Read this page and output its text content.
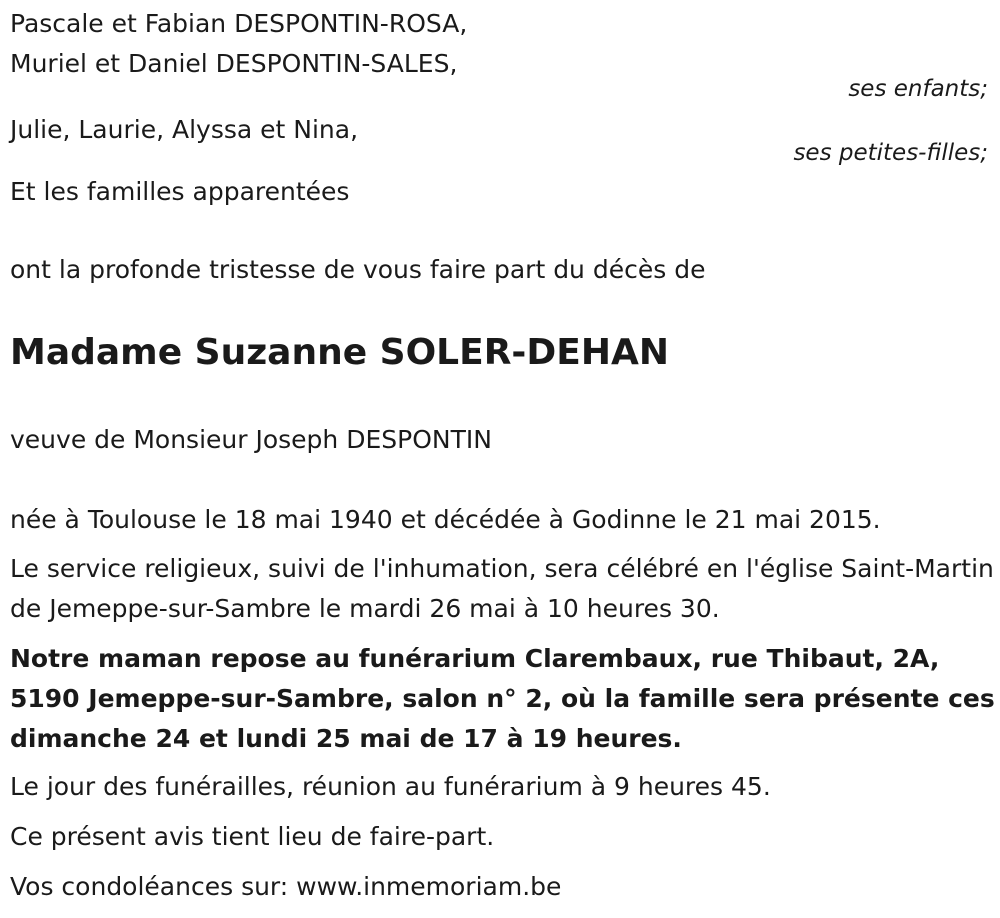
Pascale et Fabian DESPONTIN-ROSA,

Muriel et Daniel DESPONTIN-SALES,

ses enfants;

Julie, Laurie, Alyssa et Nina,

ses petites-filles;

Et les familles apparentées

ont la profonde tristesse de vous faire part du décès de

Madame Suzanne SOLER-DEHAN

veuve de Monsieur Joseph DESPONTIN

née à Toulouse le 18 mai 1940 et décédée à Godinne le 21 mai 2015.

Le service religieux, suivi de l'inhumation, sera célébré en l'église Saint-Martin de Jemeppe-sur-Sambre le mardi 26 mai à 10 heures 30.

Notre maman repose au funérarium Clarembaux, rue Thibaut, 2A, 5190 Jemeppe-sur-Sambre, salon n° 2, où la famille sera présente ces dimanche 24 et lundi 25 mai de 17 à 19 heures.

Le jour des funérailles, réunion au funérarium à 9 heures 45.

Ce présent avis tient lieu de faire-part.

Vos condoléances sur: www.inmemoriam.be
